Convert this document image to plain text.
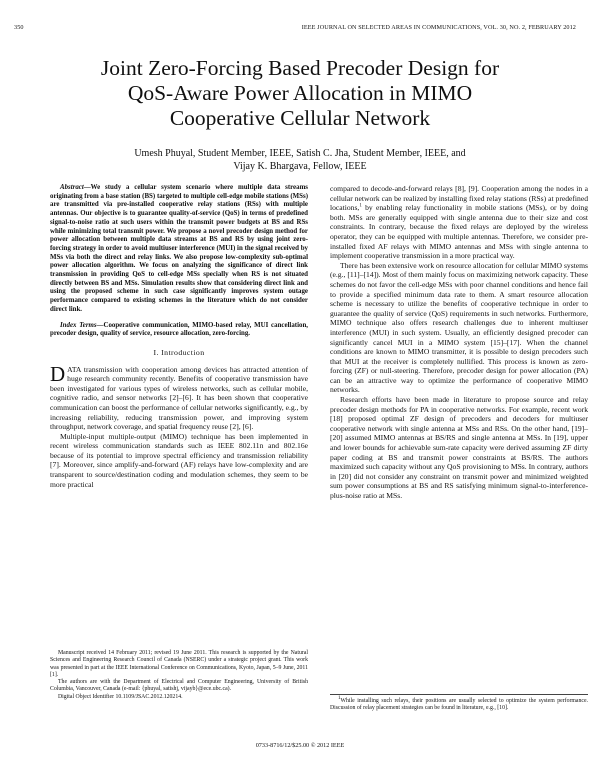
350	IEEE JOURNAL ON SELECTED AREAS IN COMMUNICATIONS, VOL. 30, NO. 2, FEBRUARY 2012
Joint Zero-Forcing Based Precoder Design for
QoS-Aware Power Allocation in MIMO
Cooperative Cellular Network
Umesh Phuyal, Student Member, IEEE, Satish C. Jha, Student Member, IEEE, and
Vijay K. Bhargava, Fellow, IEEE

Abstract—We study a cellular system scenario where multiple data streams originating from a base station (BS) targeted to multiple cell-edge mobile stations (MSs) are transmitted via pre-installed cooperative relay stations (RSs) with multiple antennas. Our objective is to guarantee quality-of-service (QoS) in terms of predefined signal-to-noise ratio at such users within the transmit power budgets at BS and RSs while minimizing total transmit power. We propose a novel precoder design method for power allocation between multiple data streams at BS and RS by using joint zero-forcing strategy in order to avoid multiuser interference (MUI) in the signal received by MSs via both the direct and relay links. We also propose low-complexity sub-optimal power allocation algorithm. We focus on analyzing the significance of direct link transmission in providing QoS to cell-edge MSs specially when RS is not situated directly between BS and MSs. Simulation results show that considering direct link and using the proposed scheme in such case significantly improves system outage performance compared to existing schemes in the literature which do not consider direct link.

Index Terms—Cooperative communication, MIMO-based relay, MUI cancellation, precoder design, quality of service, resource allocation, zero-forcing.

I. Introduction

DATA transmission with cooperation among devices has attracted attention of huge research community recently. Benefits of cooperative transmission have been investigated for various types of wireless networks, such as cellular mobile, cognitive radio, and sensor networks [2]–[6]. It has been shown that cooperative communication can boost the performance of cellular networks significantly, e.g., by increasing reliability, reducing transmission power, and improving system throughput, network coverage, and spatial frequency reuse [2], [6].

Multiple-input multiple-output (MIMO) technique has been implemented in recent wireless communication standards such as IEEE 802.11n and 802.16e because of its potential to improve spectral efficiency and transmission reliability [7]. Moreover, since amplify-and-forward (AF) relays have low-complexity and are transparent to source/destination coding and modulation schemes, they seem to be more practical

Manuscript received 14 February 2011; revised 19 June 2011. This research is supported by the Natural Sciences and Engineering Research Council of Canada (NSERC) under a strategic project grant. This work was presented in part at the IEEE International Conference on Communications, Kyoto, Japan, 5–9 June, 2011 [1].

The authors are with the Department of Electrical and Computer Engineering, University of British Columbia, Vancouver, Canada (e-mail: {phuyal, satishj, vijayb}@ece.ubc.ca).

Digital Object Identifier 10.1109/JSAC.2012.120214.

compared to decode-and-forward relays [8], [9]. Cooperation among the nodes in a cellular network can be realized by installing fixed relay stations (RSs) at predefined locations,$^1$ by enabling relay functionality in mobile stations (MSs), or by doing both. MSs are generally equipped with single antenna due to their size and cost constraints. In contrary, because the fixed relays are deployed by the wireless operator, they can be equipped with multiple antennas. Therefore, we consider pre-installed fixed AF relays with MIMO antennas and MSs with single antenna to implement cooperative transmission in a more practical way.

There has been extensive work on resource allocation for cellular MIMO systems (e.g., [11]–[14]). Most of them mainly focus on maximizing network capacity. These schemes do not favor the cell-edge MSs with poor channel conditions and hence fail to provide a specified minimum data rate to them. A smart resource allocation scheme is necessary to utilize the benefits of cooperative technique in order to guarantee the quality of service (QoS) requirements in such networks. Furthermore, MIMO technique also offers research challenges due to inherent multiuser interference (MUI) in such system. Usually, an efficiently designed precoder can significantly cancel MUI in a MIMO system [15]–[17]. When the channel conditions are known to MIMO transmitter, it is possible to design precoders such that MUI at the receiver is completely nullified. This process is known as zero-forcing (ZF) or null-steering. Therefore, precoder design for power allocation (PA) can be an attractive way to optimize the performance of cooperative MIMO networks.

Research efforts have been made in literature to propose source and relay precoder design methods for PA in cooperative networks. For example, recent work [18] proposed optimal ZF design of precoders and decoders for multiuser cooperative network with single antenna at MSs and RSs. On the other hand, [19]–[20] assumed MIMO antennas at BS/RS and single antenna at MSs. In [19], upper and lower bounds for achievable sum-rate capacity were derived assuming ZF dirty paper coding at BS and transmit power constraints at BS/RS. The authors maximized such capacity without any QoS provisioning to MSs. In contrary, authors in [20] did not consider any constraint on transmit power and minimized weighted sum power consumptions at BS and RS satisfying minimum signal-to-interference-plus-noise ratio at MSs.

$^1$While installing such relays, their positions are usually selected to optimize the system performance. Discussion of relay placement strategies can be found in literature, e.g., [10].

0733-8716/12/$25.00 © 2012 IEEE
